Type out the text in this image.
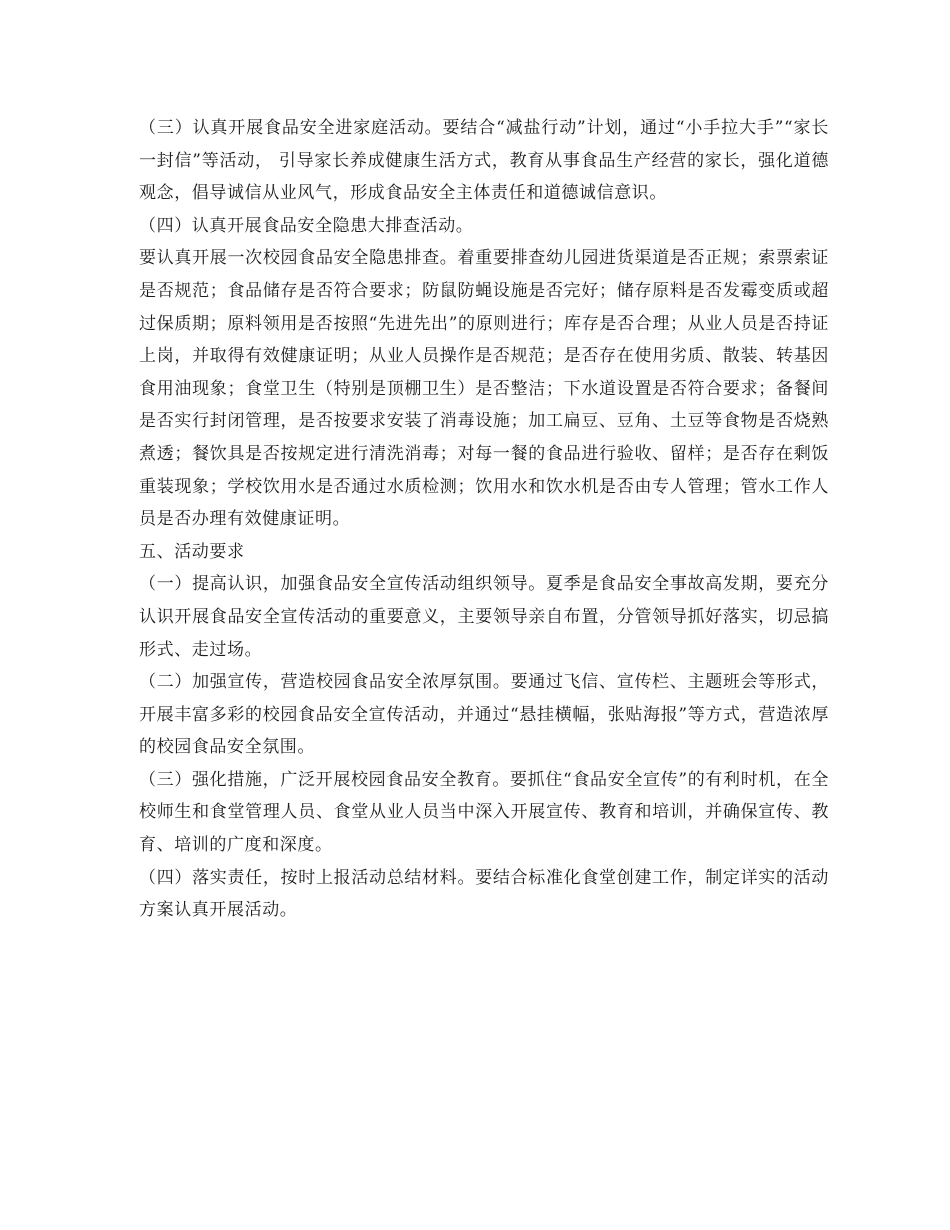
（三）认真开展食品安全进家庭活动。要结合“减盐行动”计划，通过“小手拉大手”“家长一封信”等活动， 引导家长养成健康生活方式，教育从事食品生产经营的家长，强化道德观念，倡导诚信从业风气，形成食品安全主体责任和道德诚信意识。

（四）认真开展食品安全隐患大排查活动。

要认真开展一次校园食品安全隐患排查。着重要排查幼儿园进货渠道是否正规；索票索证是否规范；食品储存是否符合要求；防鼠防蝇设施是否完好；储存原料是否发霉变质或超过保质期；原料领用是否按照“先进先出”的原则进行；库存是否合理；从业人员是否持证上岗，并取得有效健康证明；从业人员操作是否规范；是否存在使用劣质、散装、转基因食用油现象；食堂卫生（特别是顶棚卫生）是否整洁；下水道设置是否符合要求；备餐间是否实行封闭管理，是否按要求安装了消毒设施；加工扁豆、豆角、土豆等食物是否烧熟煮透；餐饮具是否按规定进行清洗消毒；对每一餐的食品进行验收、留样；是否存在剩饭重装现象；学校饮用水是否通过水质检测；饮用水和饮水机是否由专人管理；管水工作人员是否办理有效健康证明。

五、活动要求

（一）提高认识，加强食品安全宣传活动组织领导。夏季是食品安全事故高发期，要充分认识开展食品安全宣传活动的重要意义，主要领导亲自布置，分管领导抓好落实，切忌搞形式、走过场。

（二）加强宣传，营造校园食品安全浓厚氛围。要通过飞信、宣传栏、主题班会等形式，开展丰富多彩的校园食品安全宣传活动，并通过“悬挂横幅，张贴海报”等方式，营造浓厚的校园食品安全氛围。

（三）强化措施，广泛开展校园食品安全教育。要抓住“食品安全宣传”的有利时机，在全校师生和食堂管理人员、食堂从业人员当中深入开展宣传、教育和培训，并确保宣传、教育、培训的广度和深度。

（四）落实责任，按时上报活动总结材料。要结合标准化食堂创建工作，制定详实的活动方案认真开展活动。
